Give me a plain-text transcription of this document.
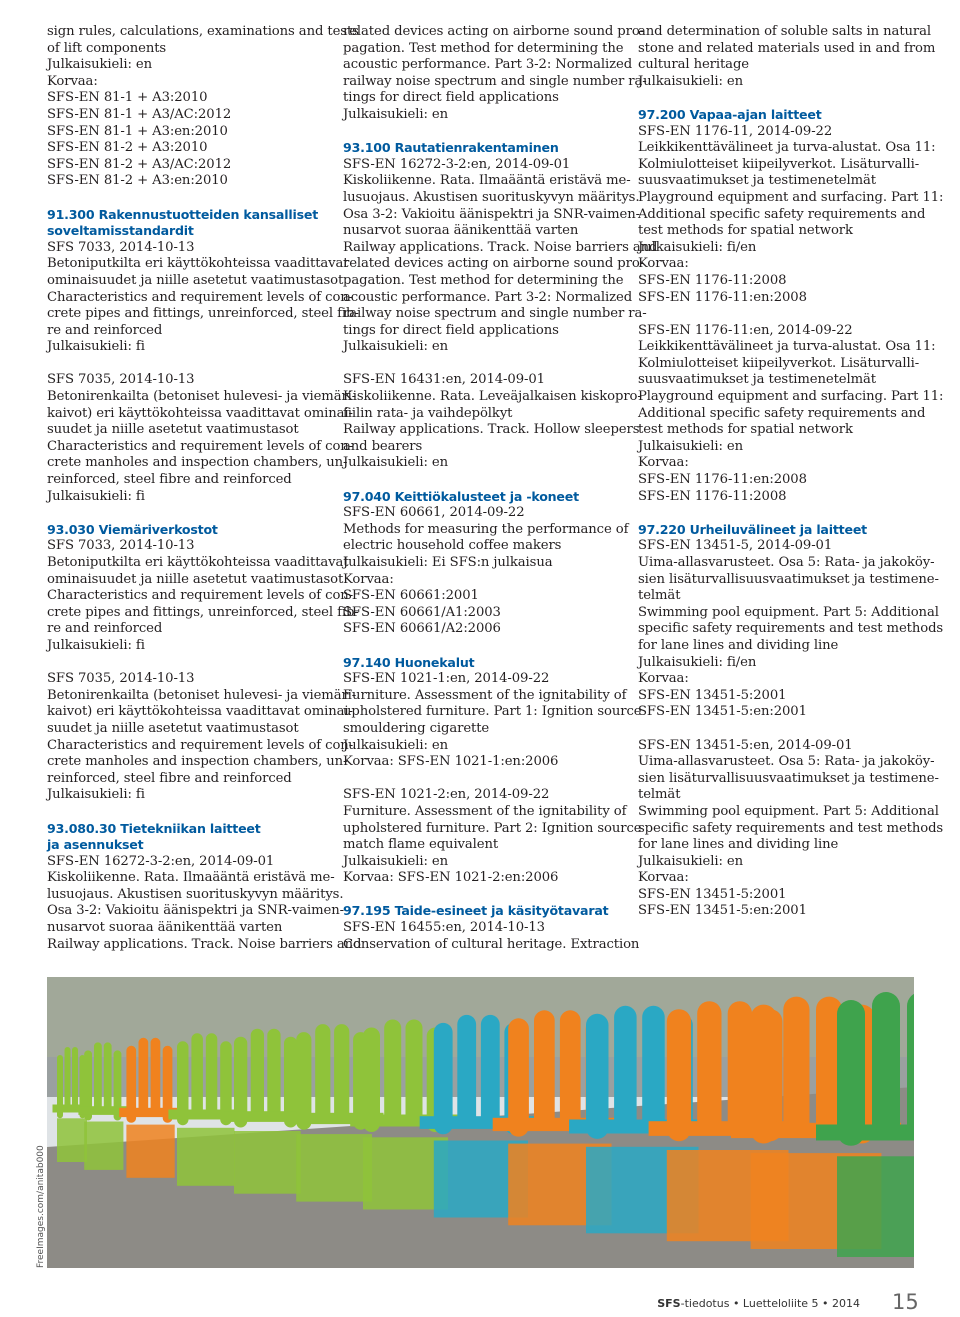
sign rules, calculations, examinations and tests
of lift components
Julkaisukieli: en
Korvaa:
SFS-EN 81-1 + A3:2010
SFS-EN 81-1 + A3/AC:2012
SFS-EN 81-1 + A3:en:2010
SFS-EN 81-2 + A3:2010
SFS-EN 81-2 + A3/AC:2012
SFS-EN 81-2 + A3:en:2010
91.300 Rakennustuotteiden kansalliset
soveltamisstandardit
SFS 7033, 2014-10-13
Betoniputkilta eri käyttökohteissa vaadittavat
ominaisuudet ja niille asetetut vaatimustasot
Characteristics and requirement levels of con-
crete pipes and fittings, unreinforced, steel fib-
re and reinforced
Julkaisukieli: fi
SFS 7035, 2014-10-13
Betonirenkailta (betoniset hulevesi- ja viemäri-
kaivot) eri käyttökohteissa vaadittavat ominai-
suudet ja niille asetetut vaatimustasot
Characteristics and requirement levels of con-
crete manholes and inspection chambers, un-
reinforced, steel fibre and reinforced
Julkaisukieli: fi
93.030 Viemäriverkostot
SFS 7033, 2014-10-13
Betoniputkilta eri käyttökohteissa vaadittavat
ominaisuudet ja niille asetetut vaatimustasot
Characteristics and requirement levels of con-
crete pipes and fittings, unreinforced, steel fib-
re and reinforced
Julkaisukieli: fi
SFS 7035, 2014-10-13
Betonirenkailta (betoniset hulevesi- ja viemäri-
kaivot) eri käyttökohteissa vaadittavat ominai-
suudet ja niille asetetut vaatimustasot
Characteristics and requirement levels of con-
crete manholes and inspection chambers, un-
reinforced, steel fibre and reinforced
Julkaisukieli: fi
93.080.30 Tietekniikan laitteet
ja asennukset
SFS-EN 16272-3-2:en, 2014-09-01
Kiskoliikenne. Rata. Ilmaääntä eristävä me-
lusuojaus. Akustisen suorituskyvyn määritys.
Osa 3-2: Vakioitu äänispektri ja SNR-vaimen-
nusarvot suoraa äänikenttää varten
Railway applications. Track. Noise barriers and
related devices acting on airborne sound pro-
pagation. Test method for determining the
acoustic performance. Part 3-2: Normalized
railway noise spectrum and single number ra-
tings for direct field applications
Julkaisukieli: en
93.100 Rautatienrakentaminen
SFS-EN 16272-3-2:en, 2014-09-01
Kiskoliikenne. Rata. Ilmaääntä eristävä me-
lusuojaus. Akustisen suorituskyvyn määritys.
Osa 3-2: Vakioitu äänispektri ja SNR-vaimen-
nusarvot suoraa äänikenttää varten
Railway applications. Track. Noise barriers and
related devices acting on airborne sound pro-
pagation. Test method for determining the
acoustic performance. Part 3-2: Normalized
railway noise spectrum and single number ra-
tings for direct field applications
Julkaisukieli: en
SFS-EN 16431:en, 2014-09-01
Kiskoliikenne. Rata. Leveäjalkaisen kiskopro-
fiilin rata- ja vaihdepölkyt
Railway applications. Track. Hollow sleepers
and bearers
Julkaisukieli: en
97.040 Keittiökalusteet ja -koneet
SFS-EN 60661, 2014-09-22
Methods for measuring the performance of
electric household coffee makers
Julkaisukieli: Ei SFS:n julkaisua
Korvaa:
SFS-EN 60661:2001
SFS-EN 60661/A1:2003
SFS-EN 60661/A2:2006
97.140 Huonekalut
SFS-EN 1021-1:en, 2014-09-22
Furniture. Assessment of the ignitability of
upholstered furniture. Part 1: Ignition source
smouldering cigarette
Julkaisukieli: en
Korvaa: SFS-EN 1021-1:en:2006
SFS-EN 1021-2:en, 2014-09-22
Furniture. Assessment of the ignitability of
upholstered furniture. Part 2: Ignition source
match flame equivalent
Julkaisukieli: en
Korvaa: SFS-EN 1021-2:en:2006
97.195 Taide-esineet ja käsityötavarat
SFS-EN 16455:en, 2014-10-13
Conservation of cultural heritage. Extraction
and determination of soluble salts in natural
stone and related materials used in and from
cultural heritage
Julkaisukieli: en
97.200 Vapaa-ajan laitteet
SFS-EN 1176-11, 2014-09-22
Leikkikenttävälineet ja turva-alustat. Osa 11:
Kolmiulotteiset kiipeilyverkot. Lisäturvalli-
suusvaatimukset ja testimenetelmät
Playground equipment and surfacing. Part 11:
Additional specific safety requirements and
test methods for spatial network
Julkaisukieli: fi/en
Korvaa:
SFS-EN 1176-11:2008
SFS-EN 1176-11:en:2008
SFS-EN 1176-11:en, 2014-09-22
Leikkikenttävälineet ja turva-alustat. Osa 11:
Kolmiulotteiset kiipeilyverkot. Lisäturvalli-
suusvaatimukset ja testimenetelmät
Playground equipment and surfacing. Part 11:
Additional specific safety requirements and
test methods for spatial network
Julkaisukieli: en
Korvaa:
SFS-EN 1176-11:en:2008
SFS-EN 1176-11:2008
97.220 Urheiluvälineet ja laitteet
SFS-EN 13451-5, 2014-09-01
Uima-allasvarusteet. Osa 5: Rata- ja jakoköy-
sien lisäturvallisuusvaatimukset ja testimene-
telmät
Swimming pool equipment. Part 5: Additional
specific safety requirements and test methods
for lane lines and dividing line
Julkaisukieli: fi/en
Korvaa:
SFS-EN 13451-5:2001
SFS-EN 13451-5:en:2001
SFS-EN 13451-5:en, 2014-09-01
Uima-allasvarusteet. Osa 5: Rata- ja jakoköy-
sien lisäturvallisuusvaatimukset ja testimene-
telmät
Swimming pool equipment. Part 5: Additional
specific safety requirements and test methods
for lane lines and dividing line
Julkaisukieli: en
Korvaa:
SFS-EN 13451-5:2001
SFS-EN 13451-5:en:2001
FreeImages.com/anitab000
SFS-tiedotus • Luetteloliite 5 • 2014 15
